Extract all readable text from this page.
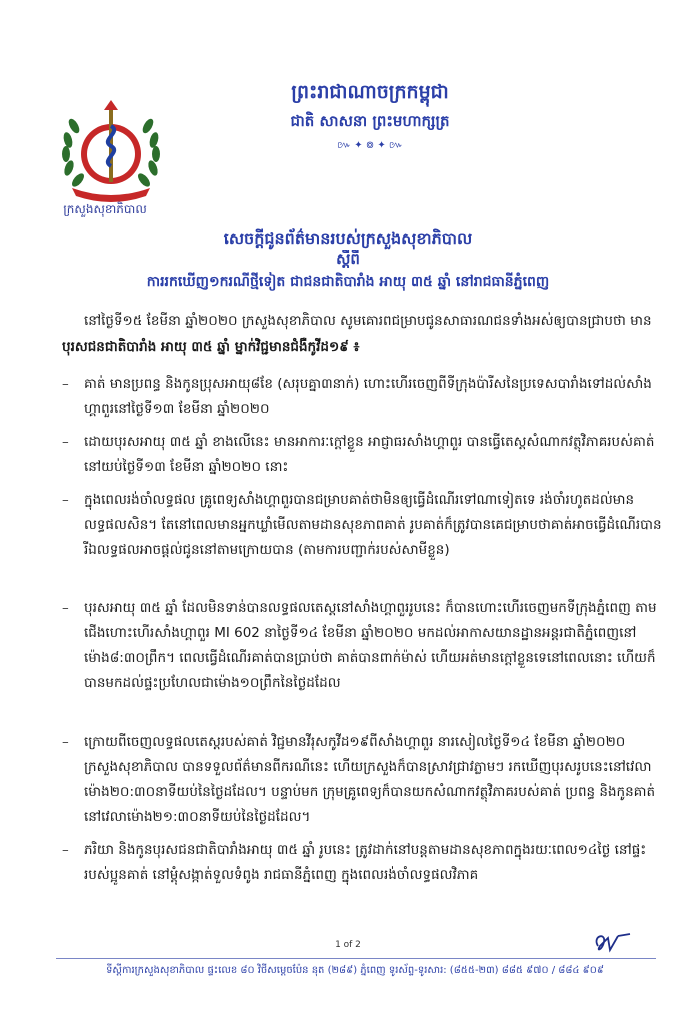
ក្រសួងសុខាភិបាល
ព្រះរាជាណាចក្រកម្ពុជា
ជាតិ សាសនា ព្រះមហាក្សត្រ
៚ ✦ ៙ ✦ ៚
សេចក្តីជូនព័ត៌មានរបស់ក្រសួងសុខាភិបាល
ស្តីពី
ការរកឃើញ១ករណីថ្មីទៀត ជាជនជាតិបារាំង អាយុ ៣៥ ឆ្នាំ នៅរាជធានីភ្នំពេញ
នៅថ្ងៃទី១៥ ខែមីនា ឆ្នាំ២០២០ ក្រសួងសុខាភិបាល សូមគោរពជម្រាបជូនសាធារណជនទាំងអស់ឲ្យបានជ្រាបថា មាន បុរសជនជាតិបារាំង អាយុ ៣៥ ឆ្នាំ ម្នាក់វិជ្ជមានជំងឺកូវីដ១៩ ៖
– គាត់ មានប្រពន្ធ និងកូនប្រុសអាយុ៨ខែ (សរុបគ្នា៣នាក់) ហោះហើរចេញពីទីក្រុងប៉ារីសនៃប្រទេសបារាំងទៅដល់សាំងហ្គាពួរនៅថ្ងៃទី១៣ ខែមីនា ឆ្នាំ២០២០
– ដោយបុរសអាយុ ៣៥ ឆ្នាំ ខាងលើនេះ មានអាការៈក្តៅខ្លួន អាជ្ញាធរសាំងហ្គាពួរ បានធ្វើតេស្តសំណាកវត្ថុវិភាគរបស់គាត់នៅយប់ថ្ងៃទី១៣ ខែមីនា ឆ្នាំ២០២០ នោះ
– ក្នុងពេលរង់ចាំលទ្ធផល គ្រូពេទ្យសាំងហ្គាពួរបានជម្រាបគាត់ថាមិនឲ្យធ្វើដំណើរទៅណាទៀតទេ រង់ចាំរហូតដល់មានលទ្ធផលសិន។ តែនៅពេលមានអ្នកឃ្លាំមើលតាមដានសុខភាពគាត់ រូបគាត់ក៏ត្រូវបានគេជម្រាបថាគាត់អាចធ្វើដំណើរបាន រីឯលទ្ធផលអាចផ្តល់ជូននៅតាមក្រោយបាន (តាមការបញ្ជាក់របស់សាមីខ្លួន)
– បុរសអាយុ ៣៥ ឆ្នាំ ដែលមិនទាន់បានលទ្ធផលតេស្តនៅសាំងហ្គាពួររូបនេះ ក៏បានហោះហើរចេញមកទីក្រុងភ្នំពេញ តាមជើងហោះហើរសាំងហ្គាពួរ MI 602 នាថ្ងៃទី១៤ ខែមីនា ឆ្នាំ២០២០ មកដល់អាកាសយានដ្ឋានអន្តរជាតិភ្នំពេញនៅម៉ោង៨:៣០ព្រឹក។ ពេលធ្វើដំណើរគាត់បានប្រាប់ថា គាត់បានពាក់ម៉ាស់ ហើយអត់មានក្តៅខ្លួនទេនៅពេលនោះ ហើយក៏បានមកដល់ផ្ទះប្រហែលជាម៉ោង១០ព្រឹកនៃថ្ងៃដដែល
– ក្រោយពីចេញលទ្ធផលតេស្តរបស់គាត់ វិជ្ជមានវីរុសកូវីដ១៩ពីសាំងហ្គាពួរ នារសៀលថ្ងៃទី១៤ ខែមីនា ឆ្នាំ២០២០ ក្រសួងសុខាភិបាល បានទទួលព័ត៌មានពីករណីនេះ ហើយក្រសួងក៏បានស្រាវជ្រាវភ្លាមៗ រកឃើញបុរសរូបនេះនៅវេលាម៉ោង២០:៣០នាទីយប់នៃថ្ងៃដដែល។ បន្ទាប់មក ក្រុមគ្រូពេទ្យក៏បានយកសំណាកវត្ថុវិភាគរបស់គាត់ ប្រពន្ធ និងកូនគាត់ នៅវេលាម៉ោង២១:៣០នាទីយប់នៃថ្ងៃដដែល។
– ភរិយា និងកូនបុរសជនជាតិបារាំងអាយុ ៣៥ ឆ្នាំ រូបនេះ ត្រូវដាក់នៅបន្តតាមដានសុខភាពក្នុងរយៈពេល១៤ថ្ងៃ នៅផ្ទះរបស់ប្អូនគាត់ នៅម្តុំសង្កាត់ទួលទំពូង រាជធានីភ្នំពេញ ក្នុងពេលរង់ចាំលទ្ធផលវិភាគ
1 of 2
ទីស្តីការក្រសួងសុខាភិបាល ផ្ទះលេខ ៨០ វិថីសម្តេចប៉ែន នុត (២៨៩) ភ្នំពេញ ទូរស័ព្ទ-ទូរសារ: (៨៥៥-២៣) ៨៨៥ ៩៧០ / ៨៨៤ ៩០៩
